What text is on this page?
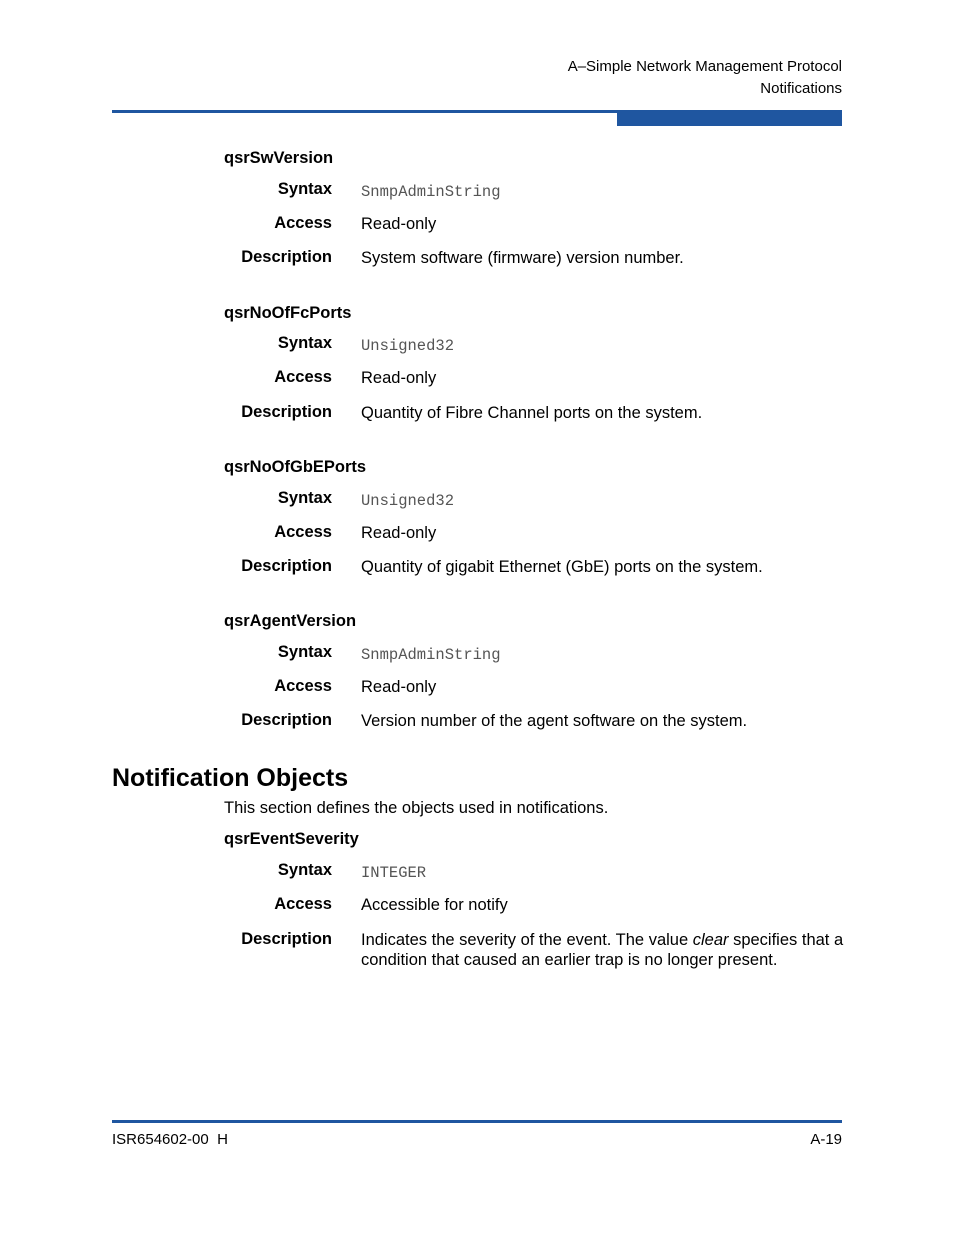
A–Simple Network Management Protocol
Notifications
qsrSwVersion
Syntax SnmpAdminString
Access Read-only
Description System software (firmware) version number.
qsrNoOfFcPorts
Syntax Unsigned32
Access Read-only
Description Quantity of Fibre Channel ports on the system.
qsrNoOfGbEPorts
Syntax Unsigned32
Access Read-only
Description Quantity of gigabit Ethernet (GbE) ports on the system.
qsrAgentVersion
Syntax SnmpAdminString
Access Read-only
Description Version number of the agent software on the system.
Notification Objects
This section defines the objects used in notifications.
qsrEventSeverity
Syntax INTEGER
Access Accessible for notify
Description Indicates the severity of the event. The value clear specifies that a condition that caused an earlier trap is no longer present.
ISR654602-00  H	A-19
